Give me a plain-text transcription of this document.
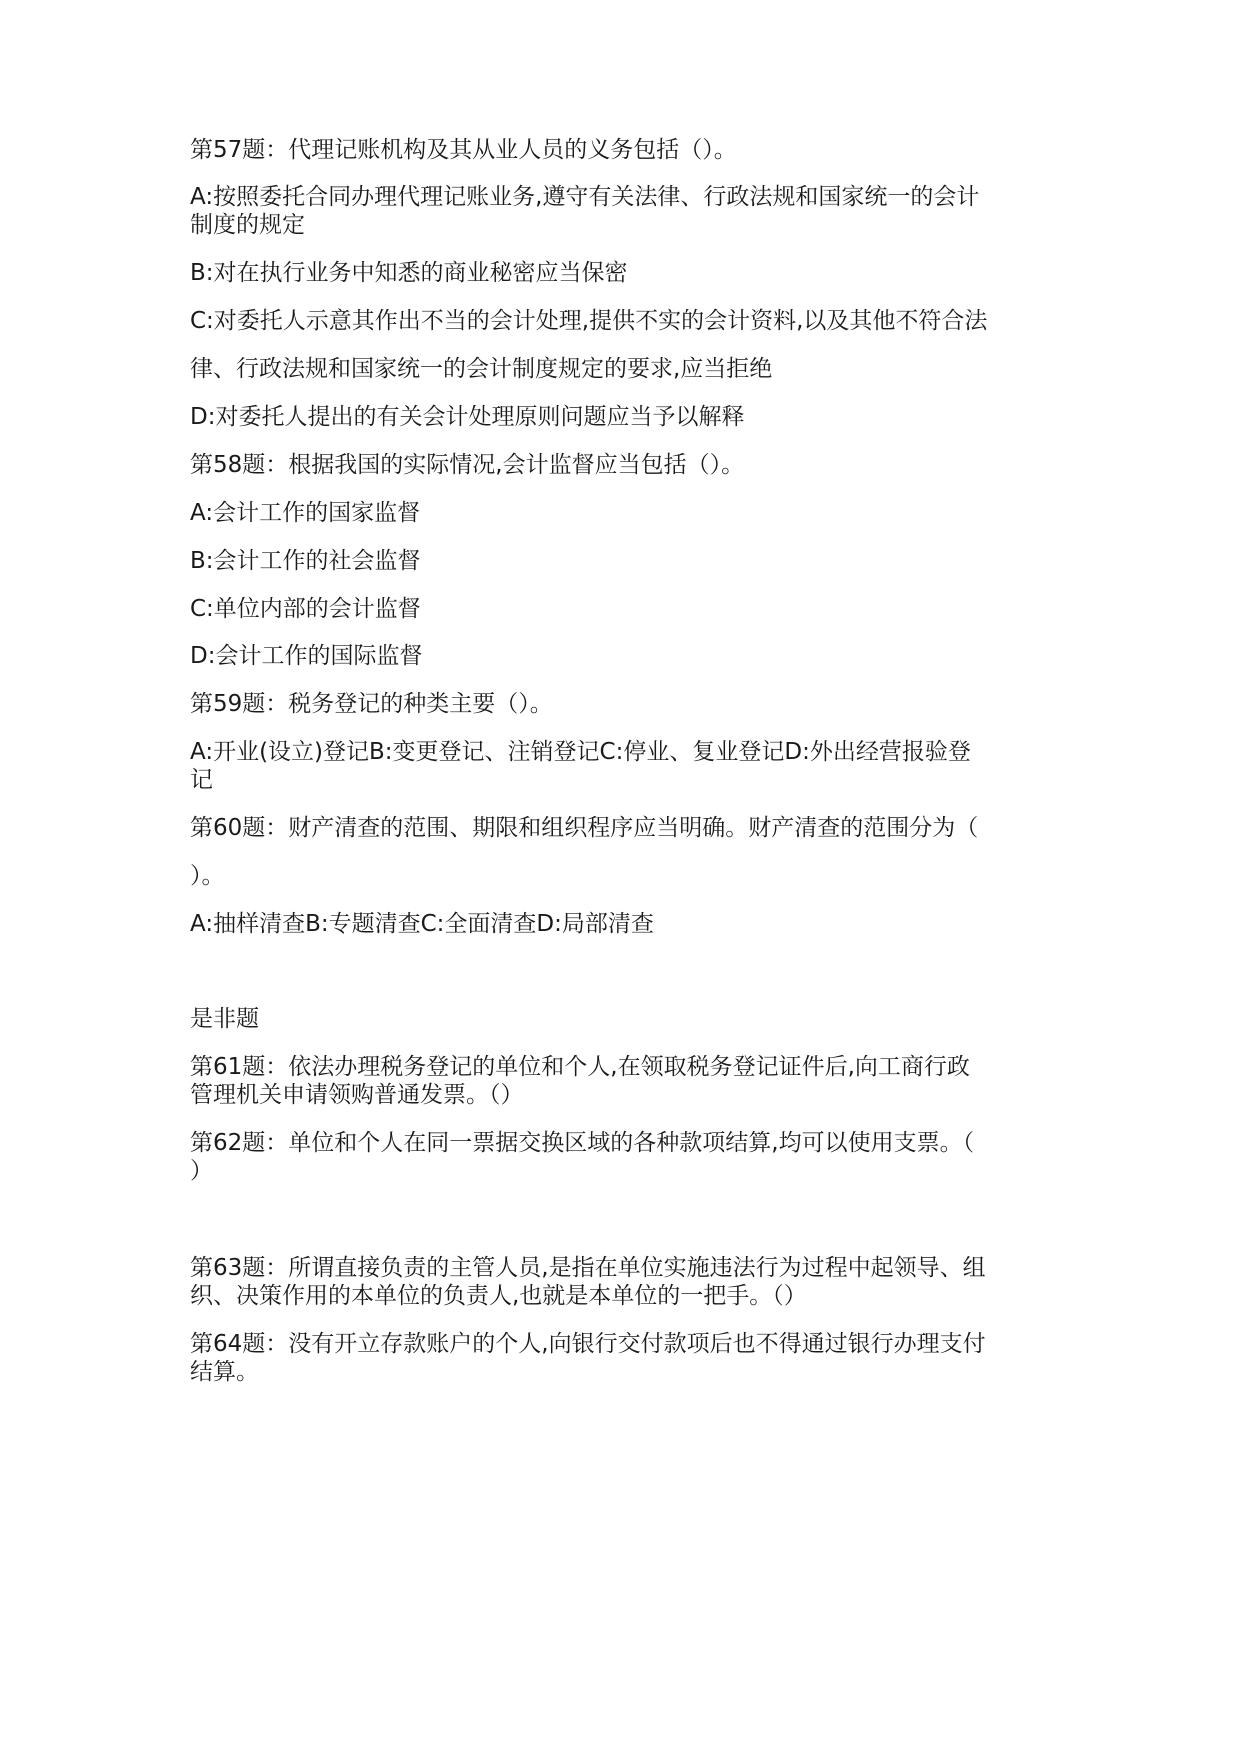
第57题：代理记账机构及其从业人员的义务包括（）。

A:按照委托合同办理代理记账业务,遵守有关法律、行政法规和国家统一的会计

制度的规定

B:对在执行业务中知悉的商业秘密应当保密

C:对委托人示意其作出不当的会计处理,提供不实的会计资料,以及其他不符合法

律、行政法规和国家统一的会计制度规定的要求,应当拒绝

D:对委托人提出的有关会计处理原则问题应当予以解释

第58题：根据我国的实际情况,会计监督应当包括（）。

A:会计工作的国家监督

B:会计工作的社会监督

C:单位内部的会计监督

D:会计工作的国际监督

第59题：税务登记的种类主要（）。

A:开业(设立)登记B:变更登记、注销登记C:停业、复业登记D:外出经营报验登

记

第60题：财产清查的范围、期限和组织程序应当明确。财产清查的范围分为（

）。

A:抽样清查B:专题清查C:全面清查D:局部清查

是非题

第61题：依法办理税务登记的单位和个人,在领取税务登记证件后,向工商行政

管理机关申请领购普通发票。（）

第62题：单位和个人在同一票据交换区域的各种款项结算,均可以使用支票。（

）

第63题：所谓直接负责的主管人员,是指在单位实施违法行为过程中起领导、组

织、决策作用的本单位的负责人,也就是本单位的一把手。（）

第64题：没有开立存款账户的个人,向银行交付款项后也不得通过银行办理支付

结算。
